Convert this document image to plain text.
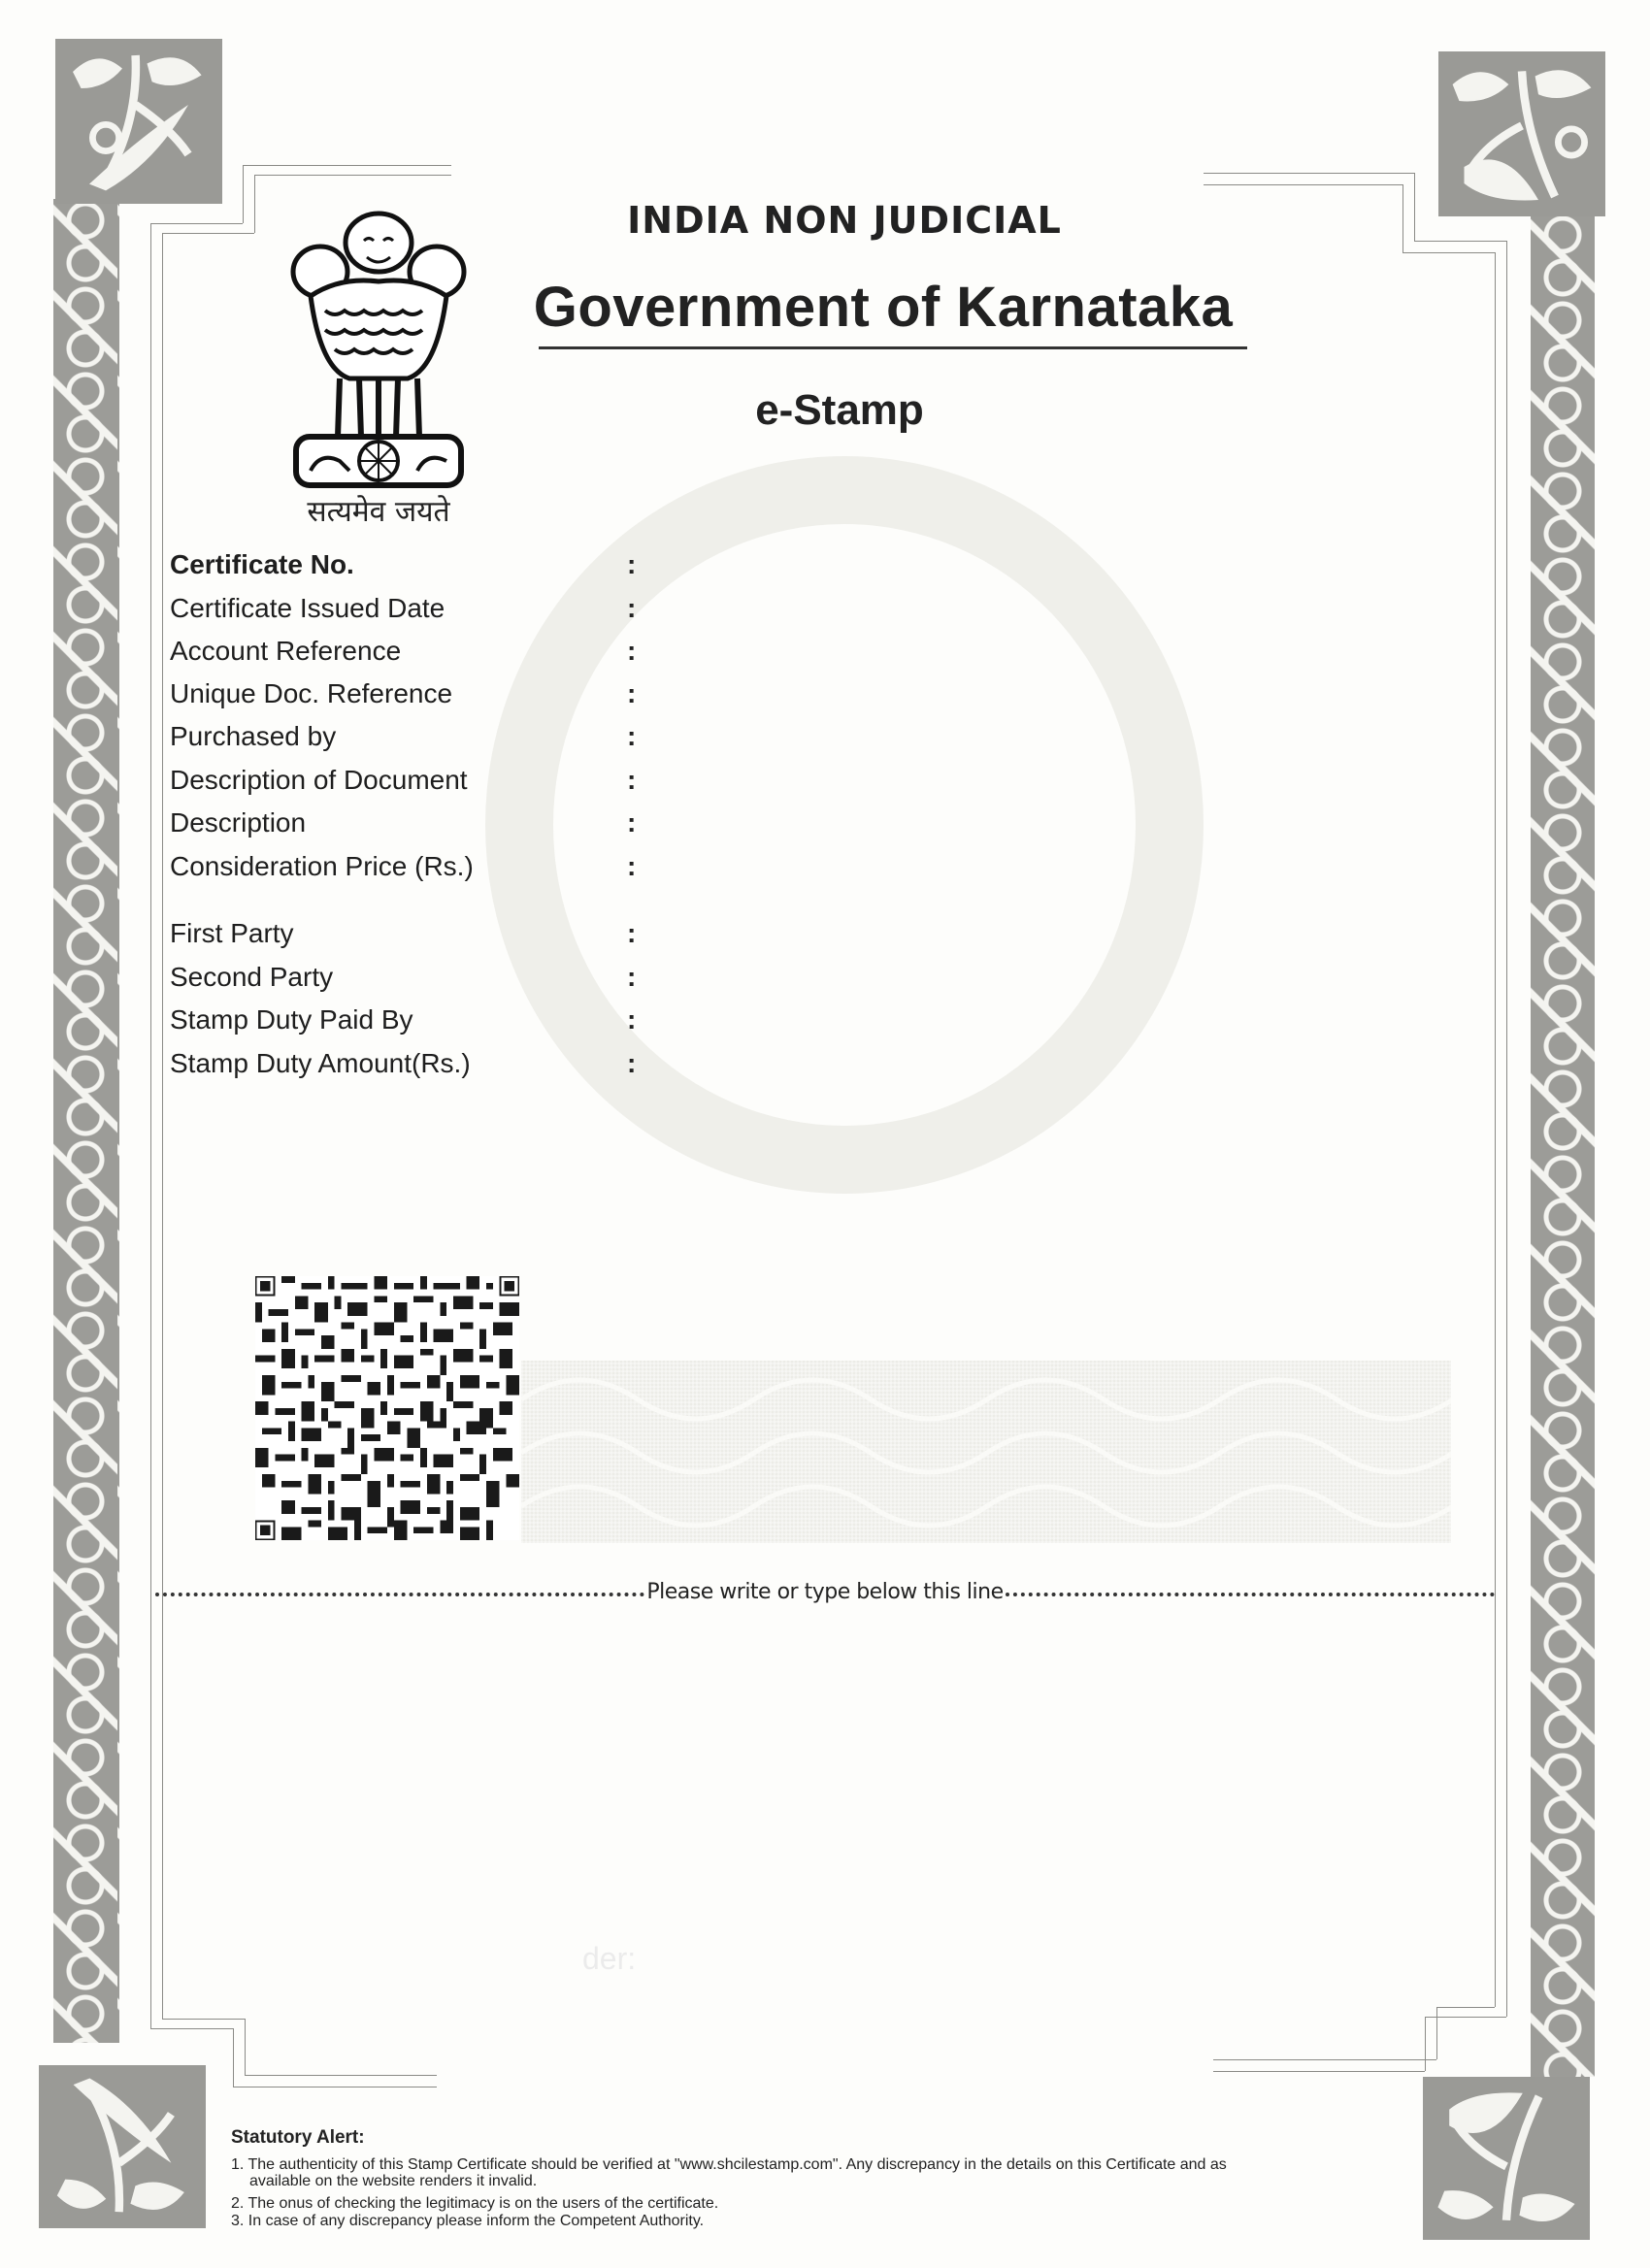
सत्यमेव जयते
INDIA NON JUDICIAL
Government of Karnataka
e-Stamp
Certificate No.	:
Certificate Issued Date	:
Account Reference	:
Unique Doc. Reference	:
Purchased by	:
Description of Document	:
Description	:
Consideration Price (Rs.)	:
First Party	:
Second Party	:
Stamp Duty Paid By	:
Stamp Duty Amount(Rs.)	:
Please write or type below this line
der:
Statutory Alert:
1. The authenticity of this Stamp Certificate should be verified at "www.shcilestamp.com". Any discrepancy in the details on this Certificate and as
available on the website renders it invalid.
2. The onus of checking the legitimacy is on the users of the certificate.
3. In case of any discrepancy please inform the Competent Authority.
